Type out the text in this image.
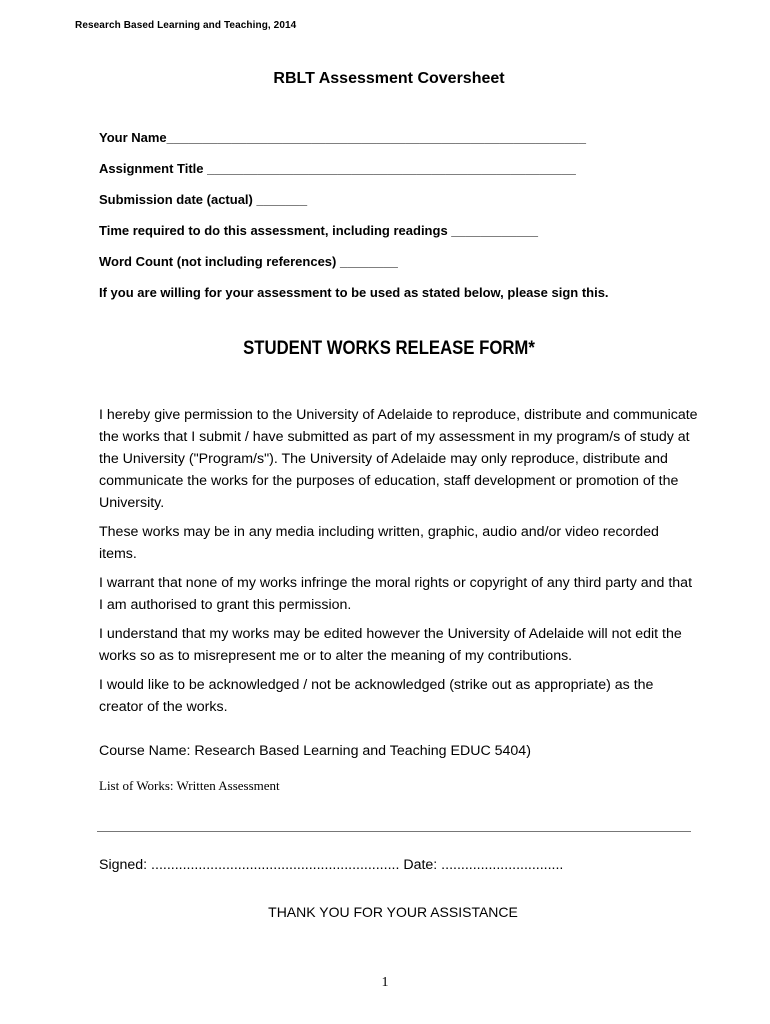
Research Based Learning and Teaching, 2014
RBLT Assessment Coversheet
Your Name__________________________________________________________
Assignment Title ___________________________________________________
Submission date (actual) _______
Time required to do this assessment, including readings ____________
Word Count (not including references) ________
If you are willing for your assessment to be used as stated below, please sign this.
STUDENT WORKS RELEASE FORM*
I hereby give permission to the University of Adelaide to reproduce, distribute and communicate the works that I submit / have submitted as part of my assessment in my program/s of study at the University ("Program/s"). The University of Adelaide may only reproduce, distribute and communicate the works for the purposes of education, staff development or promotion of the University.
These works may be in any media including written, graphic, audio and/or video recorded items.
I warrant that none of my works infringe the moral rights or copyright of any third party and that I am authorised to grant this permission.
I understand that my works may be edited however the University of Adelaide will not edit the works so as to misrepresent me or to alter the meaning of my contributions.
I would like to be acknowledged / not be acknowledged (strike out as appropriate) as the creator of the works.
Course Name: Research Based Learning and Teaching EDUC 5404)
List of Works: Written Assessment
Signed: ............................................................... Date: ...............................
THANK YOU FOR YOUR ASSISTANCE
1
